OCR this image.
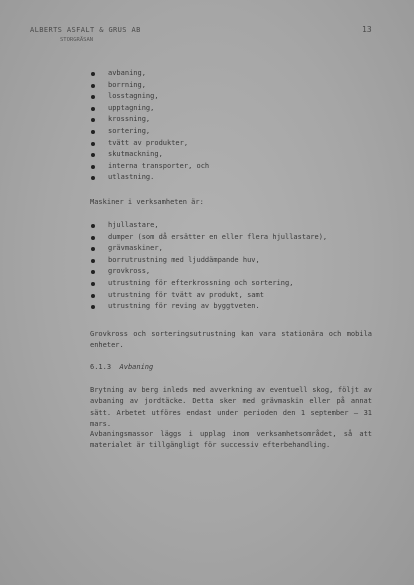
ALBERTS ASFALT & GRUS AB
STORGRÄSAN
13
avbaning,
borrning,
losstagning,
upptagning,
krossning,
sortering,
tvätt av produkter,
skutmackning,
interna transporter, och
utlastning.
Maskiner i verksamheten är:
hjullastare,
dumper (som då ersätter en eller flera hjullastare),
grävmaskiner,
borrutrustning med ljuddämpande huv,
grovkross,
utrustning för efterkrossning och sortering,
utrustning för tvätt av produkt, samt
utrustning för reving av byggtveten.
Grovkross och sorteringsutrustning kan vara stationära och mobila enheter.
6.1.3 Avbaning
Brytning av berg inleds med avverkning av eventuell skog, följt av avbaning av jordtäcke. Detta sker med grävmaskin eller på annat sätt. Arbetet utföres endast under perioden den 1 september – 31 mars.
Avbaningsmassor läggs i upplag inom verksamhetsområdet, så att materialet är tillgängligt för successiv efterbehandling.
